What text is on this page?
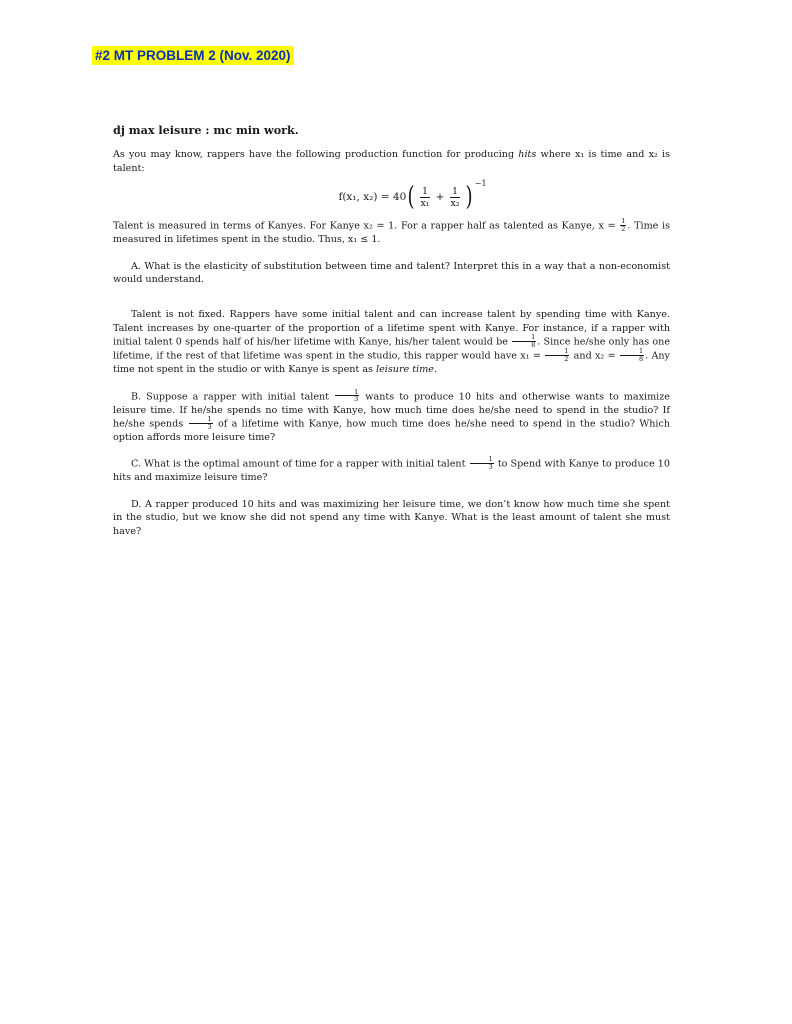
#2 MT PROBLEM 2 (Nov. 2020)
dj max leisure : mc min work.

As you may know, rappers have the following production function for producing hits where x₁ is time and x₂ is talent:

f(x₁, x₂) = 40 ( $\frac{1}{\text{x₁}} + \frac{1}{\text{x₂}}$ ) −1

Talent is measured in terms of Kanyes. For Kanye x₂ = 1. For a rapper half as talented as Kanye, $x = \frac{1}{2}$ . Time is measured in lifetimes spent in the studio. Thus, x₁ ≤ 1.

A. What is the elasticity of substitution between time and talent? Interpret this in a way that a non-economist would understand.

Talent is not fixed. Rappers have some initial talent and can increase talent by spending time with Kanye. Talent increases by one-quarter of the proportion of a lifetime spent with Kanye. For instance, if a rapper with initial talent 0 spends half of his/her lifetime with Kanye, his/her talent would be $\frac{1}{8}$ . Since he/she only has one lifetime, if the rest of that lifetime was spent in the studio, this rapper would have $x_1 = \frac{1}{2}$ and $x_2 = \frac{1}{8}$ . Any time not spent in the studio or with Kanye is spent as leisure time.

B. Suppose a rapper with initial talent $\frac{1}{3}$ wants to produce 10 hits and otherwise wants to maximize leisure time. If he/she spends no time with Kanye, how much time does he/she need to spend in the studio? If he/she spends $\frac{1}{3}$ of a lifetime with Kanye, how much time does he/she need to spend in the studio? Which option affords more leisure time?

C. What is the optimal amount of time for a rapper with initial talent $\frac{1}{3}$ to Spend with Kanye to produce 10 hits and maximize leisure time?

D. A rapper produced 10 hits and was maximizing her leisure time, we don’t know how much time she spent in the studio, but we know she did not spend any time with Kanye. What is the least amount of talent she must have?
